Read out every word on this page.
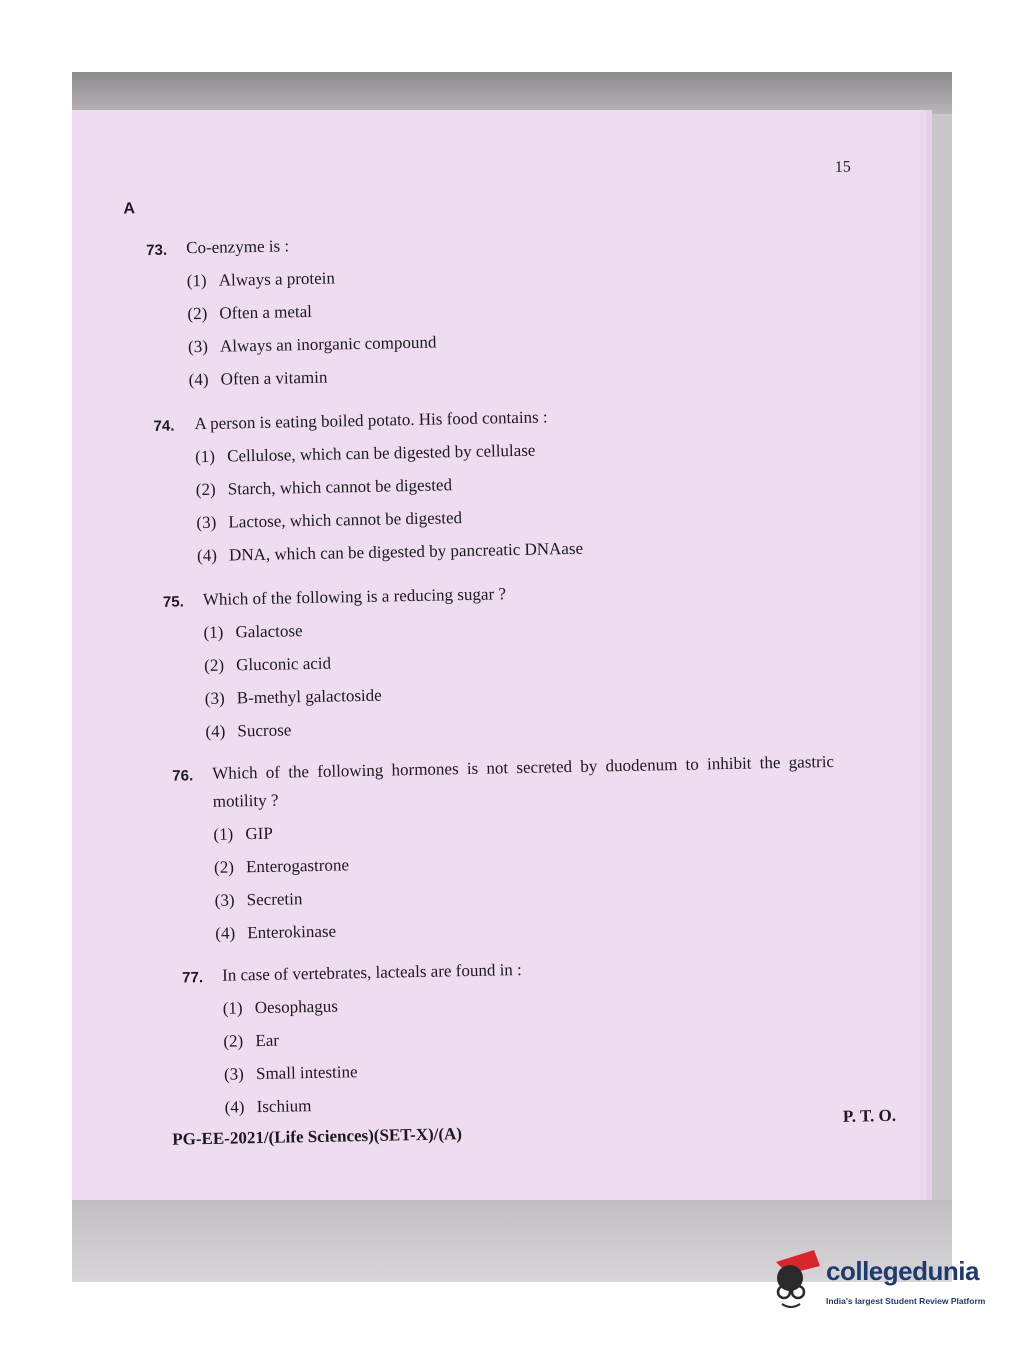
15
A
73. Co-enzyme is :
(1) Always a protein
(2) Often a metal
(3) Always an inorganic compound
(4) Often a vitamin
74. A person is eating boiled potato. His food contains :
(1) Cellulose, which can be digested by cellulase
(2) Starch, which cannot be digested
(3) Lactose, which cannot be digested
(4) DNA, which can be digested by pancreatic DNAase
75. Which of the following is a reducing sugar ?
(1) Galactose
(2) Gluconic acid
(3) B-methyl galactoside
(4) Sucrose
76. Which of the following hormones is not secreted by duodenum to inhibit the gastric
motility ?
(1) GIP
(2) Enterogastrone
(3) Secretin
(4) Enterokinase
77. In case of vertebrates, lacteals are found in :
(1) Oesophagus
(2) Ear
(3) Small intestine
(4) Ischium
PG-EE-2021/(Life Sciences)(SET-X)/(A)
P. T. O.
collegedunia
India's largest Student Review Platform
